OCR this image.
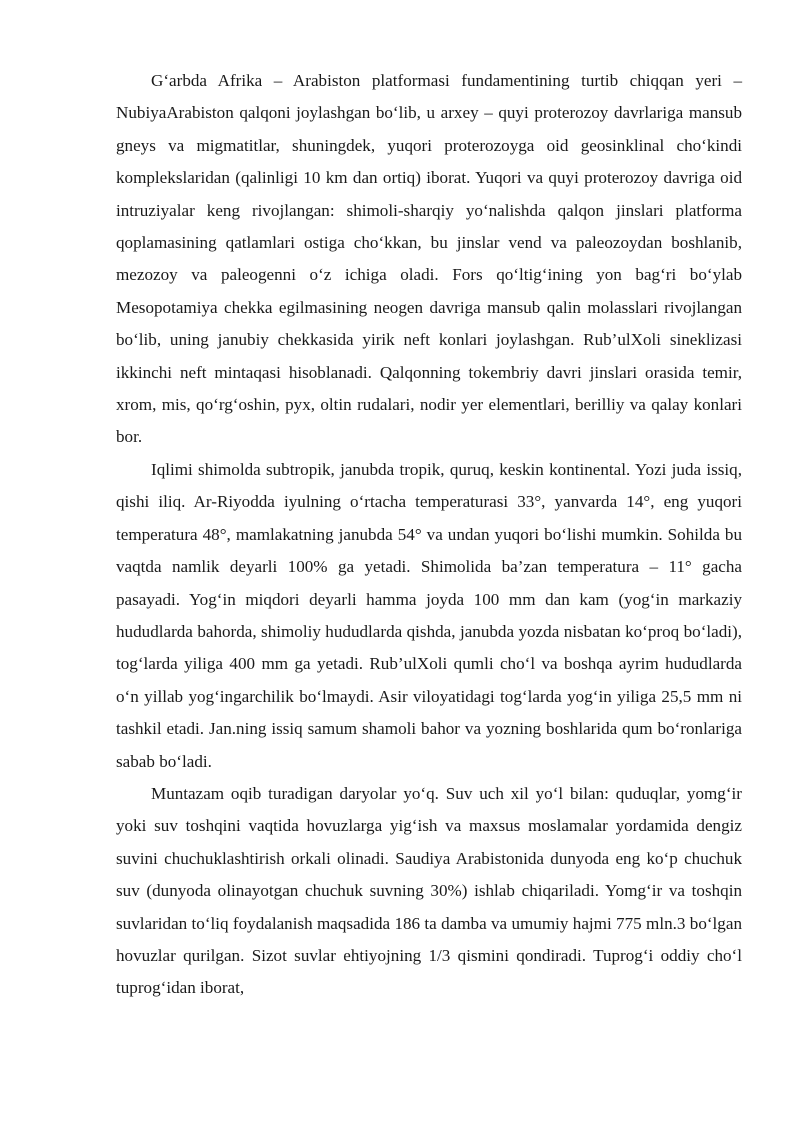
G‘arbda Afrika – Arabiston platformasi fundamentining turtib chiqqan yeri – NubiyaArabiston qalqoni joylashgan bo‘lib, u arxey – quyi proterozoy davrlariga mansub gneys va migmatitlar, shuningdek, yuqori proterozoyga oid geosinklinal cho‘kindi komplekslaridan (qalinligi 10 km dan ortiq) iborat. Yuqori va quyi proterozoy davriga oid intruziyalar keng rivojlangan: shimoli-sharqiy yo‘nalishda qalqon jinslari platforma qoplamasining qatlamlari ostiga cho‘kkan, bu jinslar vend va paleozoydan boshlanib, mezozoy va paleogenni o‘z ichiga oladi. Fors qo‘ltig‘ining yon bag‘ri bo‘ylab Mesopotamiya chekka egilmasining neogen davriga mansub qalin molasslari rivojlangan bo‘lib, uning janubiy chekkasida yirik neft konlari joylashgan. Rub’ulXoli sineklizasi ikkinchi neft mintaqasi hisoblanadi. Qalqonning tokembriy davri jinslari orasida temir, xrom, mis, qo‘rg‘oshin, pyx, oltin rudalari, nodir yer elementlari, berilliy va qalay konlari bor.

Iqlimi shimolda subtropik, janubda tropik, quruq, keskin kontinental. Yozi juda issiq, qishi iliq. Ar-Riyodda iyulning o‘rtacha temperaturasi 33°, yanvarda 14°, eng yuqori temperatura 48°, mamlakatning janubda 54° va undan yuqori bo‘lishi mumkin. Sohilda bu vaqtda namlik deyarli 100% ga yetadi. Shimolida ba’zan temperatura – 11° gacha pasayadi. Yog‘in miqdori deyarli hamma joyda 100 mm dan kam (yog‘in markaziy hududlarda bahorda, shimoliy hududlarda qishda, janubda yozda nisbatan ko‘proq bo‘ladi), tog‘larda yiliga 400 mm ga yetadi. Rub’ulXoli qumli cho‘l va boshqa ayrim hududlarda o‘n yillab yog‘ingarchilik bo‘lmaydi. Asir viloyatidagi tog‘larda yog‘in yiliga 25,5 mm ni tashkil etadi. Jan.ning issiq samum shamoli bahor va yozning boshlarida qum bo‘ronlariga sabab bo‘ladi.

Muntazam oqib turadigan daryolar yo‘q. Suv uch xil yo‘l bilan: quduqlar, yomg‘ir yoki suv toshqini vaqtida hovuzlarga yig‘ish va maxsus moslamalar yordamida dengiz suvini chuchuklashtirish orkali olinadi. Saudiya Arabistonida dunyoda eng ko‘p chuchuk suv (dunyoda olinayotgan chuchuk suvning 30%) ishlab chiqariladi. Yomg‘ir va toshqin suvlaridan to‘liq foydalanish maqsadida 186 ta damba va umumiy hajmi 775 mln.3 bo‘lgan hovuzlar qurilgan. Sizot suvlar ehtiyojning 1/3 qismini qondiradi. Tuprog‘i oddiy cho‘l tuprog‘idan iborat,
